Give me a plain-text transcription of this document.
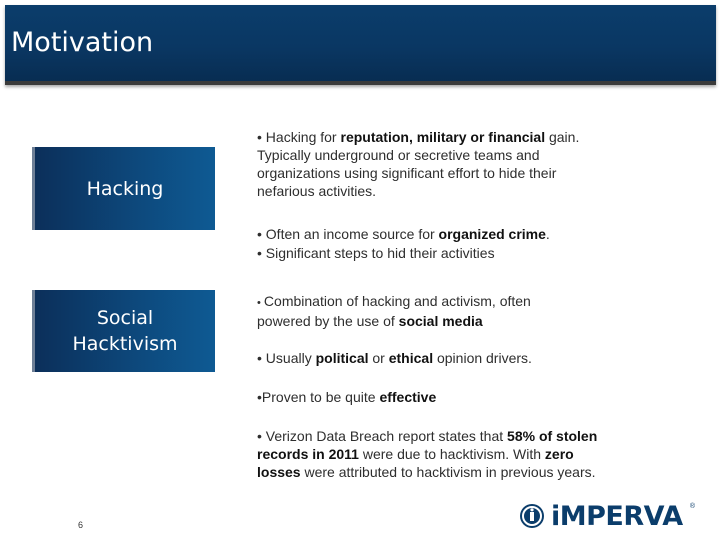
Motivation
Hacking
Social
Hacktivism
• Hacking for reputation, military or financial gain. Typically underground or secretive teams and organizations using significant effort to hide their nefarious activities.
• Often an income source for organized crime.
• Significant steps to hid their activities
• Combination of hacking and activism, often powered by the use of social media
• Usually political or ethical opinion drivers.
•Proven to be quite effective
• Verizon Data Breach report states that 58% of stolen records in 2011 were due to hacktivism. With zero losses were attributed to hacktivism in previous years.
6	iMPERVA ®
